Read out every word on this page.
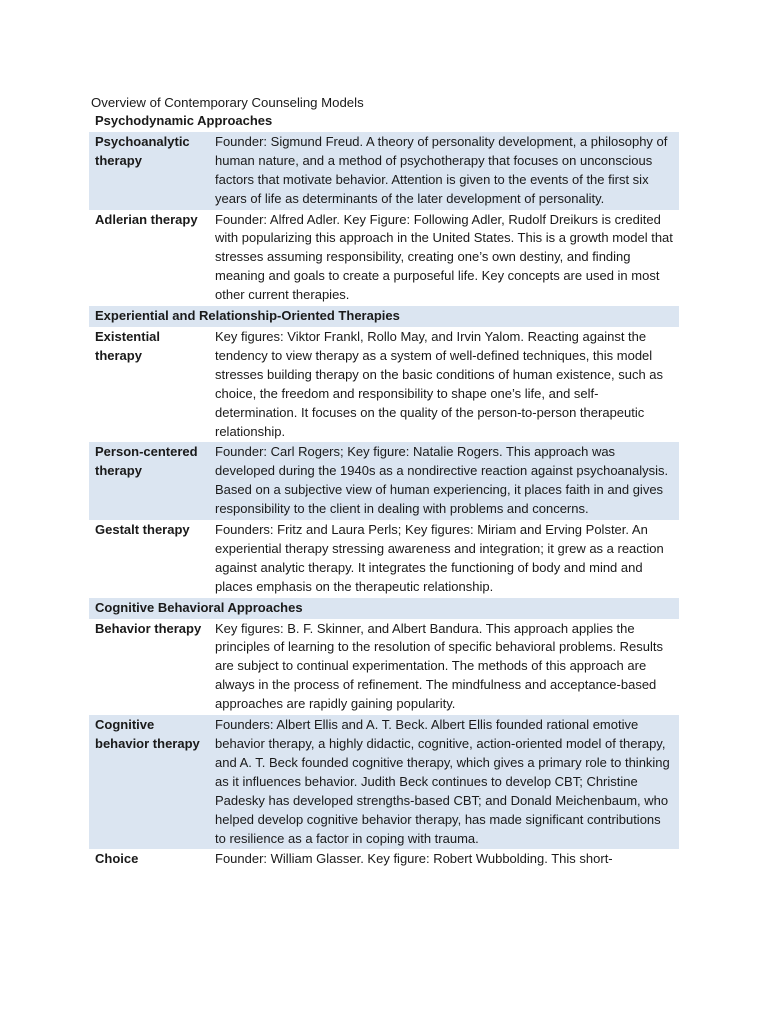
Overview of Contemporary Counseling Models
Psychodynamic Approaches	
Psychoanalytic therapy	Founder: Sigmund Freud. A theory of personality development, a philosophy of human nature, and a method of psychotherapy that focuses on unconscious factors that motivate behavior. Attention is given to the events of the first six years of life as determinants of the later development of personality.
Adlerian therapy	Founder: Alfred Adler. Key Figure: Following Adler, Rudolf Dreikurs is credited with popularizing this approach in the United States. This is a growth model that stresses assuming responsibility, creating one’s own destiny, and finding meaning and goals to create a purposeful life. Key concepts are used in most other current therapies.
Experiential and Relationship-Oriented Therapies	
Existential therapy	Key figures: Viktor Frankl, Rollo May, and Irvin Yalom. Reacting against the tendency to view therapy as a system of well-defined techniques, this model stresses building therapy on the basic conditions of human existence, such as choice, the freedom and responsibility to shape one’s life, and self-determination. It focuses on the quality of the person-to-person therapeutic relationship.
Person-centered therapy	Founder: Carl Rogers; Key figure: Natalie Rogers. This approach was developed during the 1940s as a nondirective reaction against psychoanalysis. Based on a subjective view of human experiencing, it places faith in and gives responsibility to the client in dealing with problems and concerns.
Gestalt therapy	Founders: Fritz and Laura Perls; Key figures: Miriam and Erving Polster. An experiential therapy stressing awareness and integration; it grew as a reaction against analytic therapy. It integrates the functioning of body and mind and places emphasis on the therapeutic relationship.
Cognitive Behavioral Approaches	
Behavior therapy	Key figures: B. F. Skinner, and Albert Bandura. This approach applies the principles of learning to the resolution of specific behavioral problems. Results are subject to continual experimentation. The methods of this approach are always in the process of refinement. The mindfulness and acceptance-based approaches are rapidly gaining popularity.
Cognitive behavior therapy	Founders: Albert Ellis and A. T. Beck. Albert Ellis founded rational emotive behavior therapy, a highly didactic, cognitive, action-oriented model of therapy, and A. T. Beck founded cognitive therapy, which gives a primary role to thinking as it influences behavior. Judith Beck continues to develop CBT; Christine Padesky has developed strengths-based CBT; and Donald Meichenbaum, who helped develop cognitive behavior therapy, has made significant contributions to resilience as a factor in coping with trauma.
Choice	Founder: William Glasser. Key figure: Robert Wubbolding. This short-
